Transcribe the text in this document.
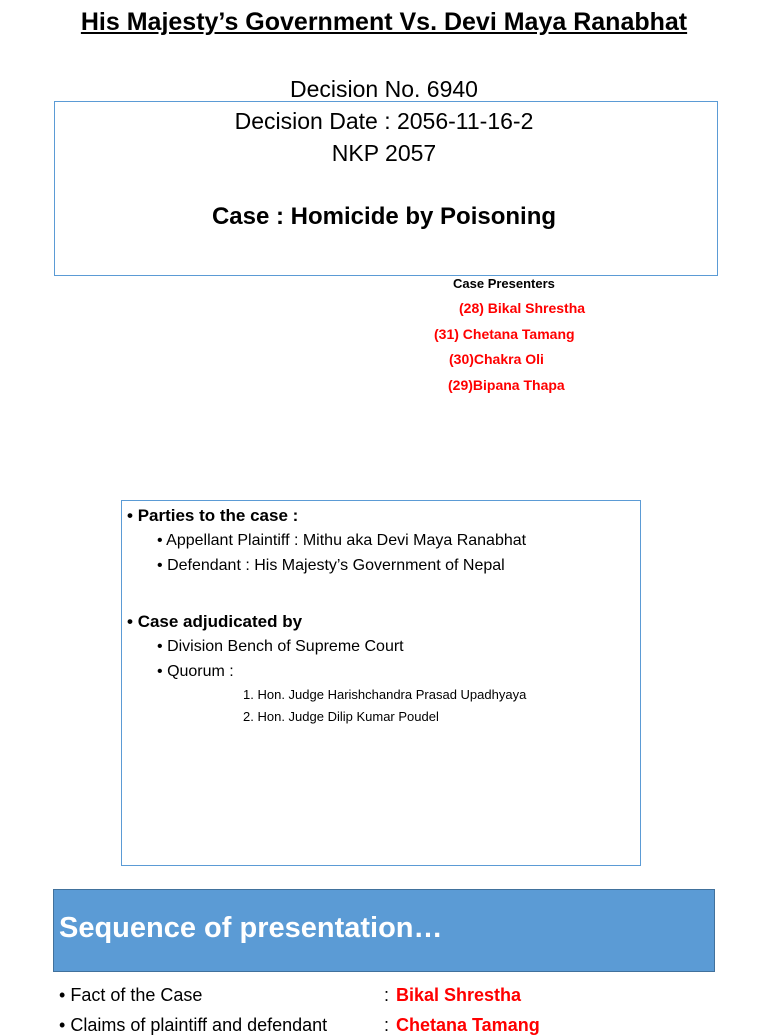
His Majesty’s Government Vs. Devi Maya Ranabhat
Decision No. 6940
Decision Date : 2056-11-16-2
NKP 2057
Case : Homicide by Poisoning
Case Presenters
(28) Bikal Shrestha
(31) Chetana Tamang
(30)Chakra Oli
(29)Bipana Thapa
• Parties to the case :
• Appellant Plaintiff : Mithu aka Devi Maya Ranabhat
• Defendant : His Majesty’s Government of Nepal
• Case adjudicated by
• Division Bench of Supreme Court
• Quorum :
1. Hon. Judge Harishchandra Prasad Upadhyaya
2. Hon. Judge Dilip Kumar Poudel
Sequence of presentation…
• Fact of the Case	: Bikal Shrestha
• Claims of plaintiff and defendant	: Chetana Tamang
